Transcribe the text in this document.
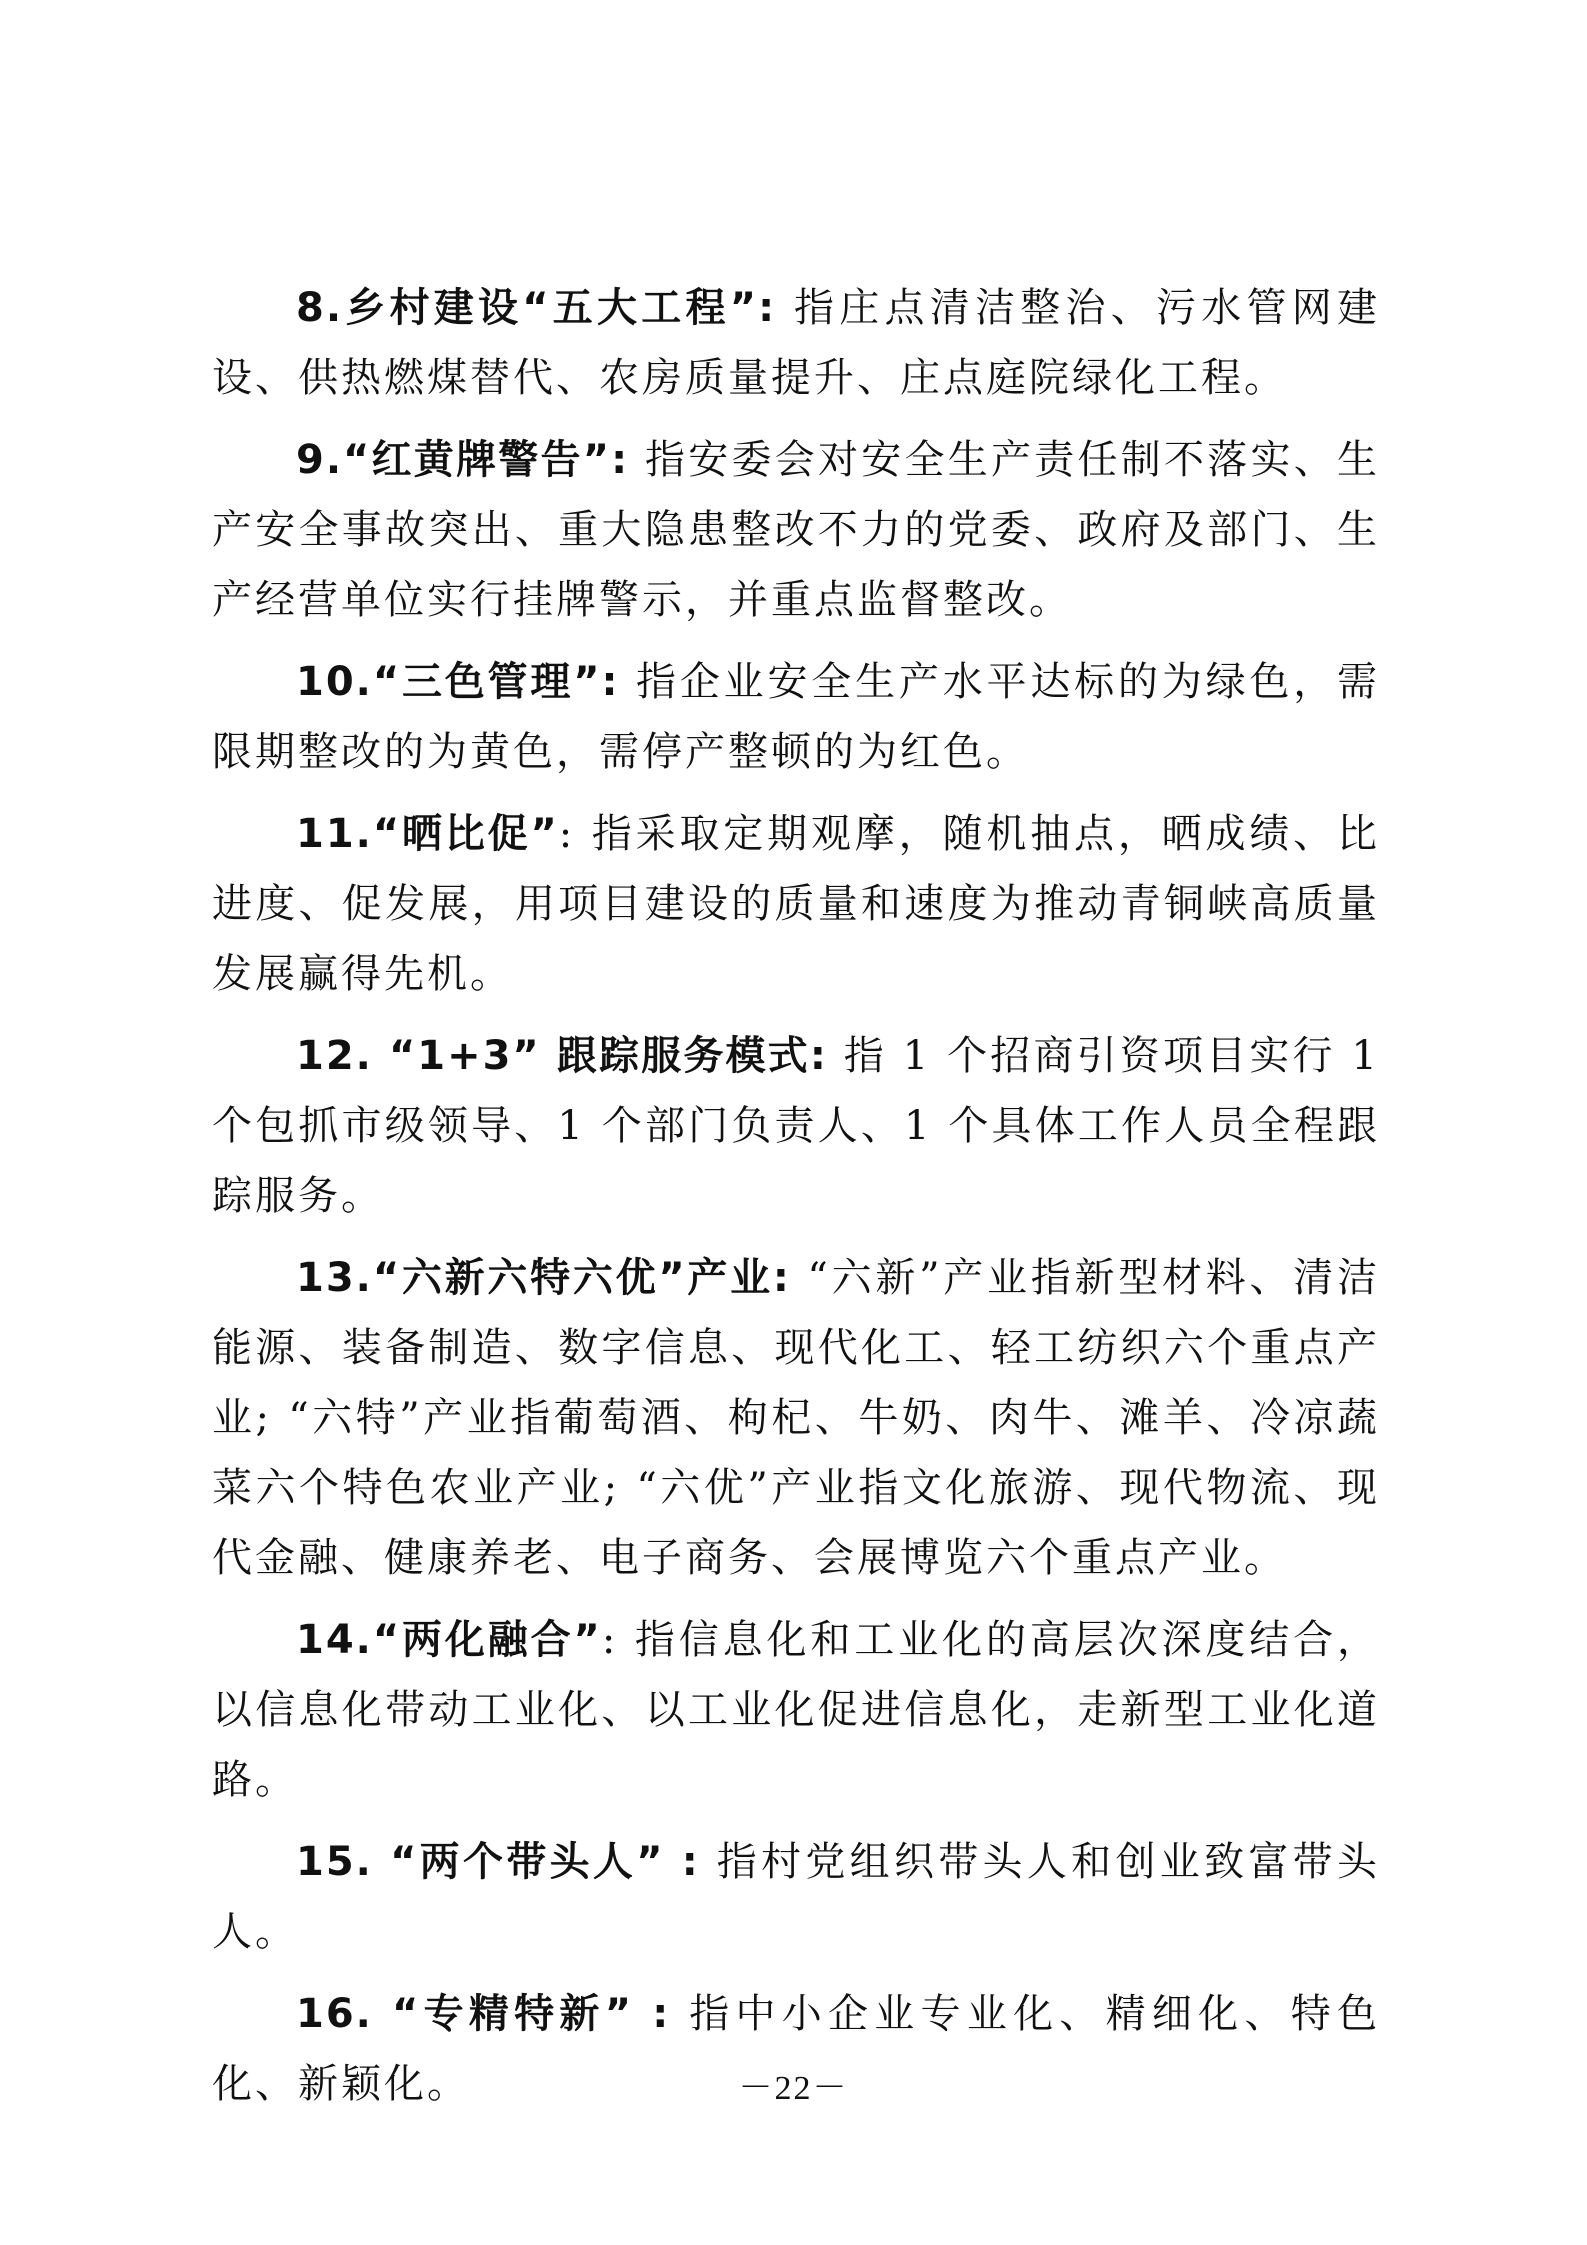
8.乡村建设“五大工程”: 指庄点清洁整治、污水管网建设、供热燃煤替代、农房质量提升、庄点庭院绿化工程。

9.“红黄牌警告”: 指安委会对安全生产责任制不落实、生产安全事故突出、重大隐患整改不力的党委、政府及部门、生产经营单位实行挂牌警示，并重点监督整改。

10.“三色管理”: 指企业安全生产水平达标的为绿色，需限期整改的为黄色，需停产整顿的为红色。

11.“晒比促”: 指采取定期观摩，随机抽点，晒成绩、比进度、促发展，用项目建设的质量和速度为推动青铜峡高质量发展赢得先机。

12. “1+3” 跟踪服务模式: 指 1 个招商引资项目实行 1 个包抓市级领导、1 个部门负责人、1 个具体工作人员全程跟踪服务。

13.“六新六特六优”产业: “六新”产业指新型材料、清洁能源、装备制造、数字信息、现代化工、轻工纺织六个重点产业; “六特”产业指葡萄酒、枸杞、牛奶、肉牛、滩羊、冷凉蔬菜六个特色农业产业; “六优”产业指文化旅游、现代物流、现代金融、健康养老、电子商务、会展博览六个重点产业。

14.“两化融合”: 指信息化和工业化的高层次深度结合，以信息化带动工业化、以工业化促进信息化，走新型工业化道路。

15. “两个带头人” : 指村党组织带头人和创业致富带头人。

16. “专精特新” : 指中小企业专业化、精细化、特色化、新颖化。	－22－
